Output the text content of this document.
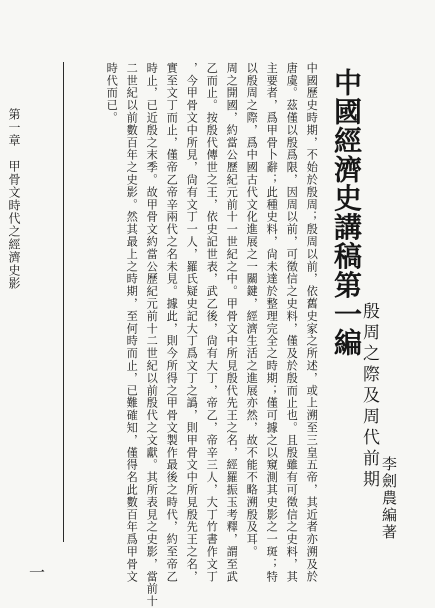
中國經濟史講稿第一編
殷周之際及周代前期
李劍農編著
中國歷史時期，不始於殷周；殷周以前，依舊史家之所述，或上溯至三皇五帝，其近者亦溯及於
唐虞。茲僅以殷爲限，因周以前，可徵信之史料，僅及於殷而止也。且殷雖有可徵信之史料，其
主要者，爲甲骨卜辭；此種史料，尙未達於整理完全之時期；僅可據之以窺測其史影之一斑；特
以殷周之際，爲中國古代文化進展之一關鍵，經濟生活之進展亦然，故不能不略溯殷及耳。
周之開國，約當公歷紀元前十一世紀之中。甲骨文中所見殷代先王之名，經羅振玉考釋，謂至武
乙而止。按殷代傳世之王，依史記世表，武乙後，尙有大丁，帝乙，帝辛三人，大丁竹書作文丁
，今甲骨文中所見，尙有文丁一人，羅氏疑史記大丁爲文丁之譌，則甲骨文中所見殷先王之名，
實至文丁而止，僅帝乙帝辛兩代之名未見。據此，則今所得之甲骨文製作最後之時代，約至帝乙
時止，已近殷之末季。故甲骨文約當公歷紀元前十二世紀以前殷代之文獻。其所表見之史影，當前十
二世紀以前數百年之史影。然其最上之時期，至何時而止，已難確知，僅得名此數百年爲甲骨文
時代而已。
第一章　甲骨文時代之經濟史影
一
